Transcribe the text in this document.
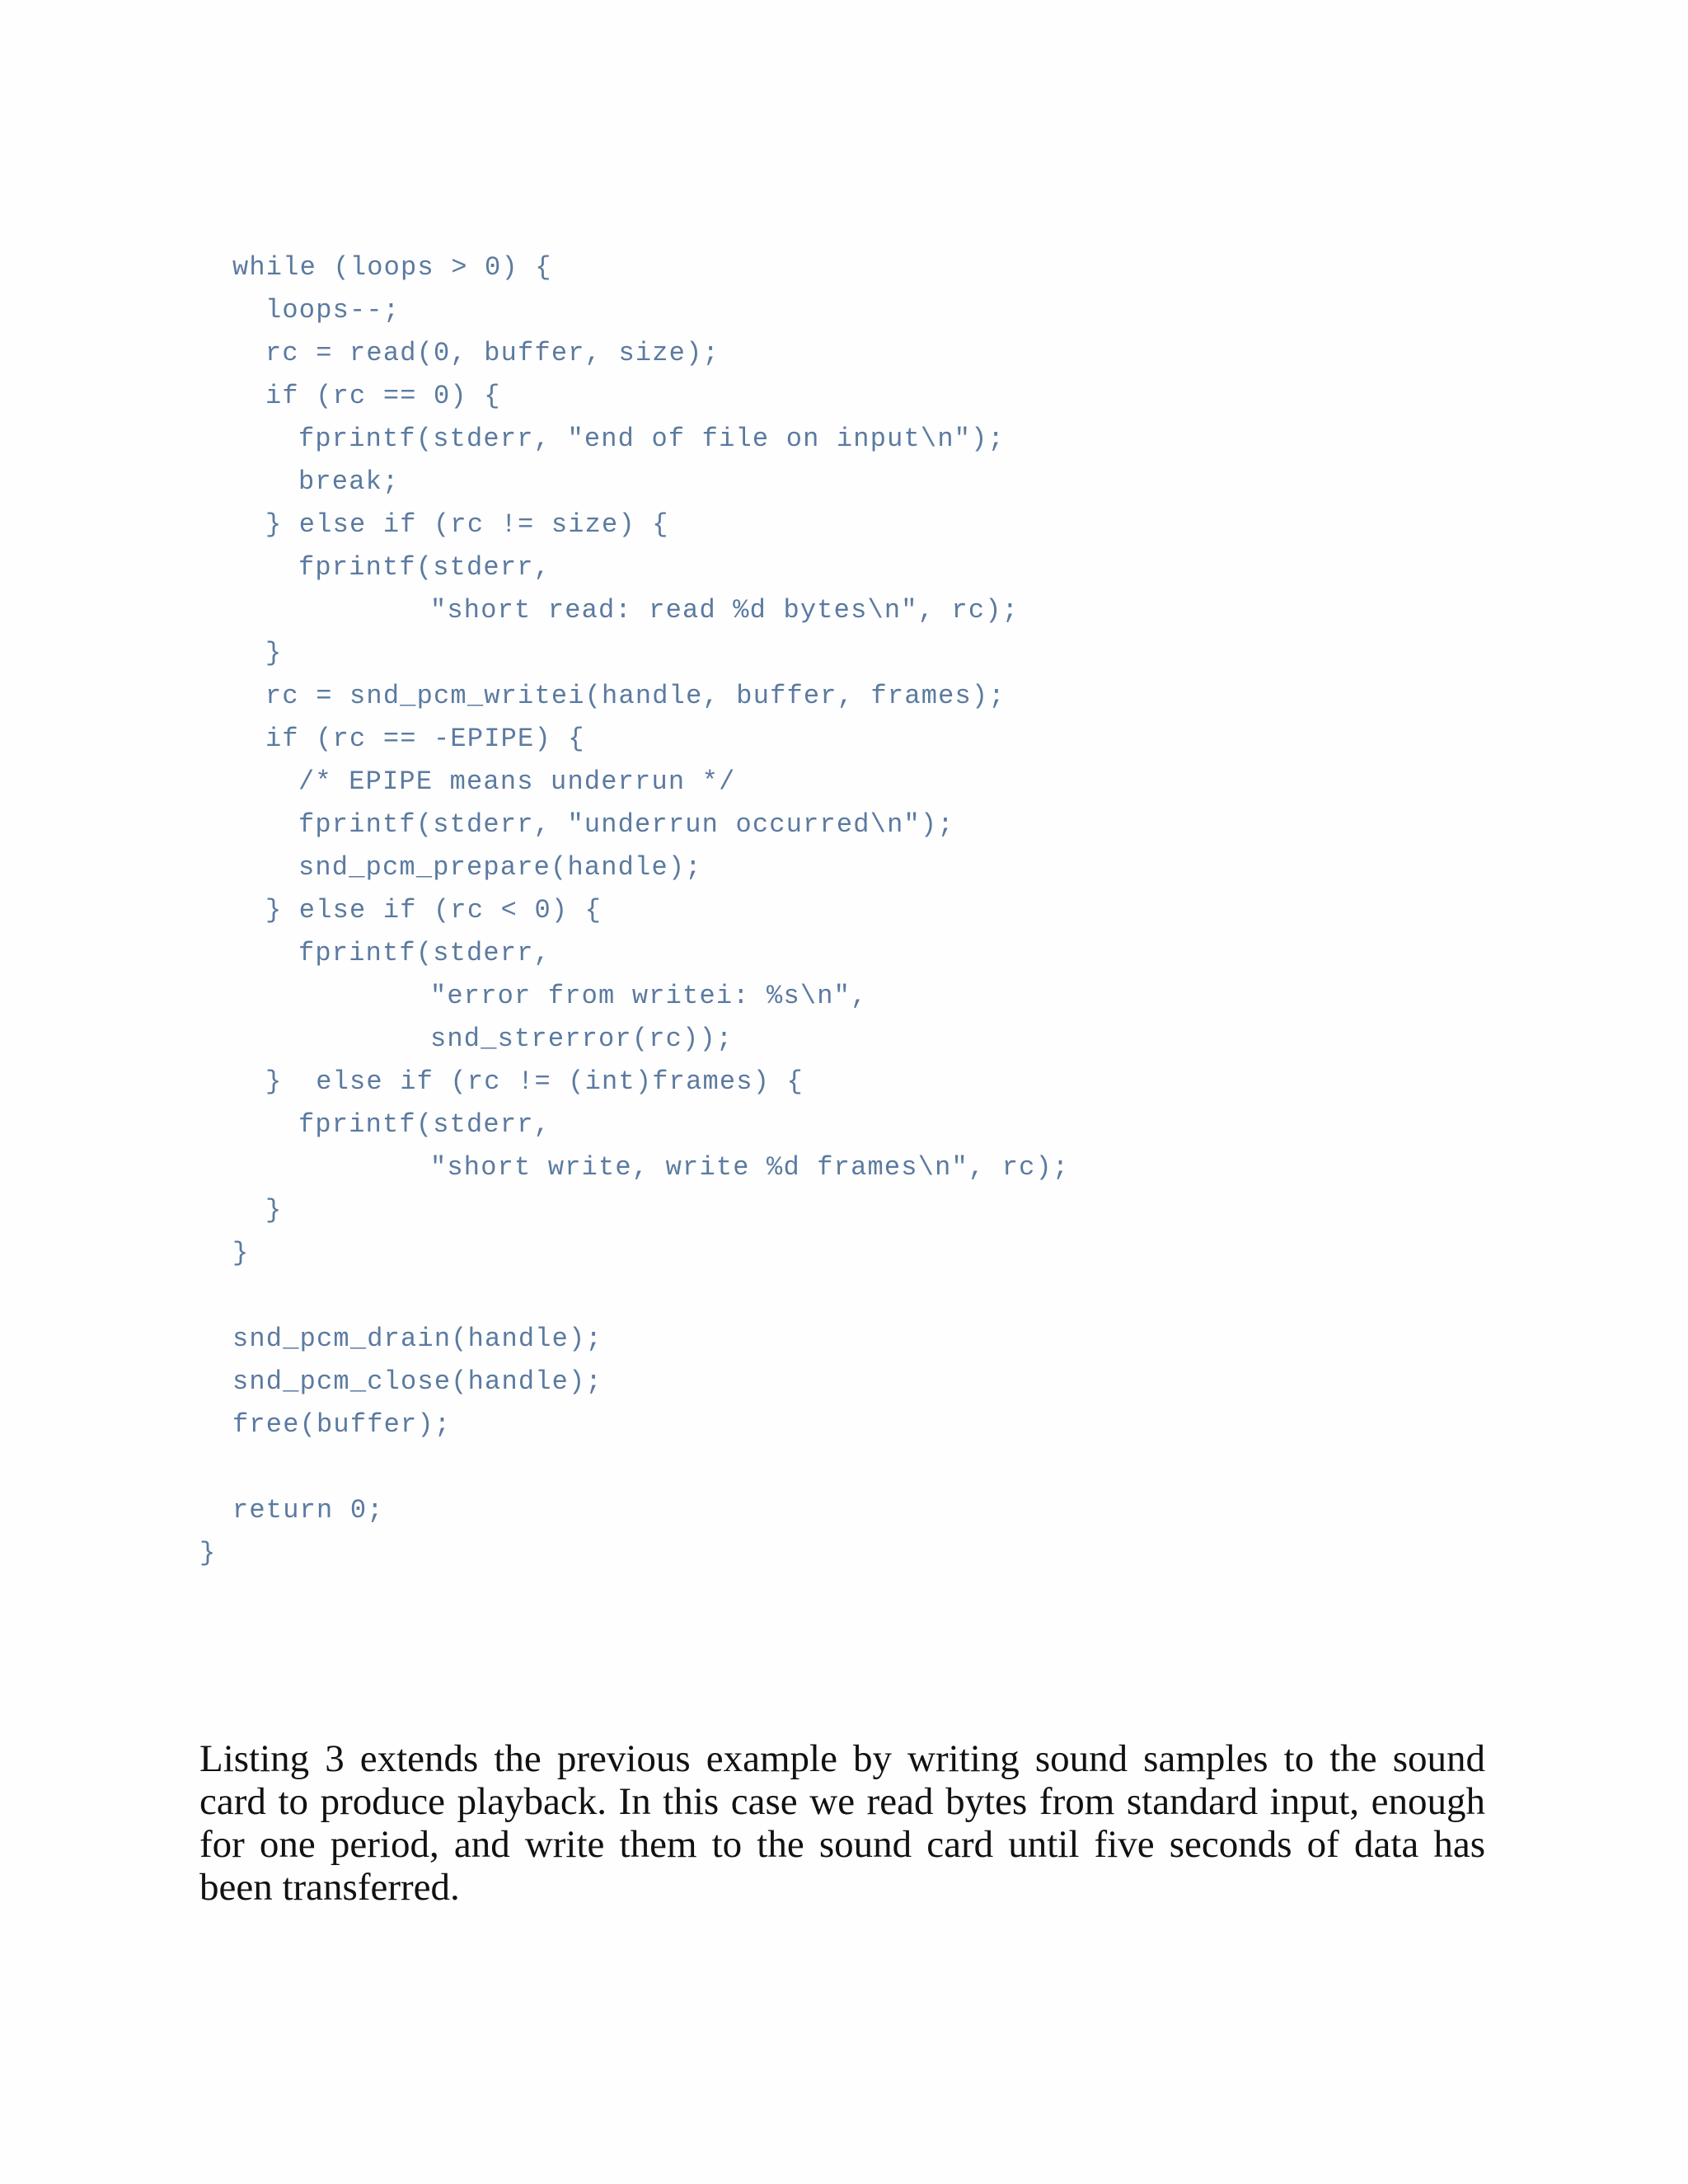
while (loops > 0) {
loops--;
rc = read(0, buffer, size);
if (rc == 0) {
fprintf(stderr, "end of file on input\n");
break;
} else if (rc != size) {
fprintf(stderr,
"short read: read %d bytes\n", rc);
}
rc = snd_pcm_writei(handle, buffer, frames);
if (rc == -EPIPE) {
/* EPIPE means underrun */
fprintf(stderr, "underrun occurred\n");
snd_pcm_prepare(handle);
} else if (rc < 0) {
fprintf(stderr,
"error from writei: %s\n",
snd_strerror(rc));
}  else if (rc != (int)frames) {
fprintf(stderr,
"short write, write %d frames\n", rc);
}
}
snd_pcm_drain(handle);
snd_pcm_close(handle);
free(buffer);
return 0;
}

Listing 3 extends the previous example by writing sound samples to the sound card to produce playback. In this case we read bytes from standard input, enough for one period, and write them to the sound card until five seconds of data has been transferred.
